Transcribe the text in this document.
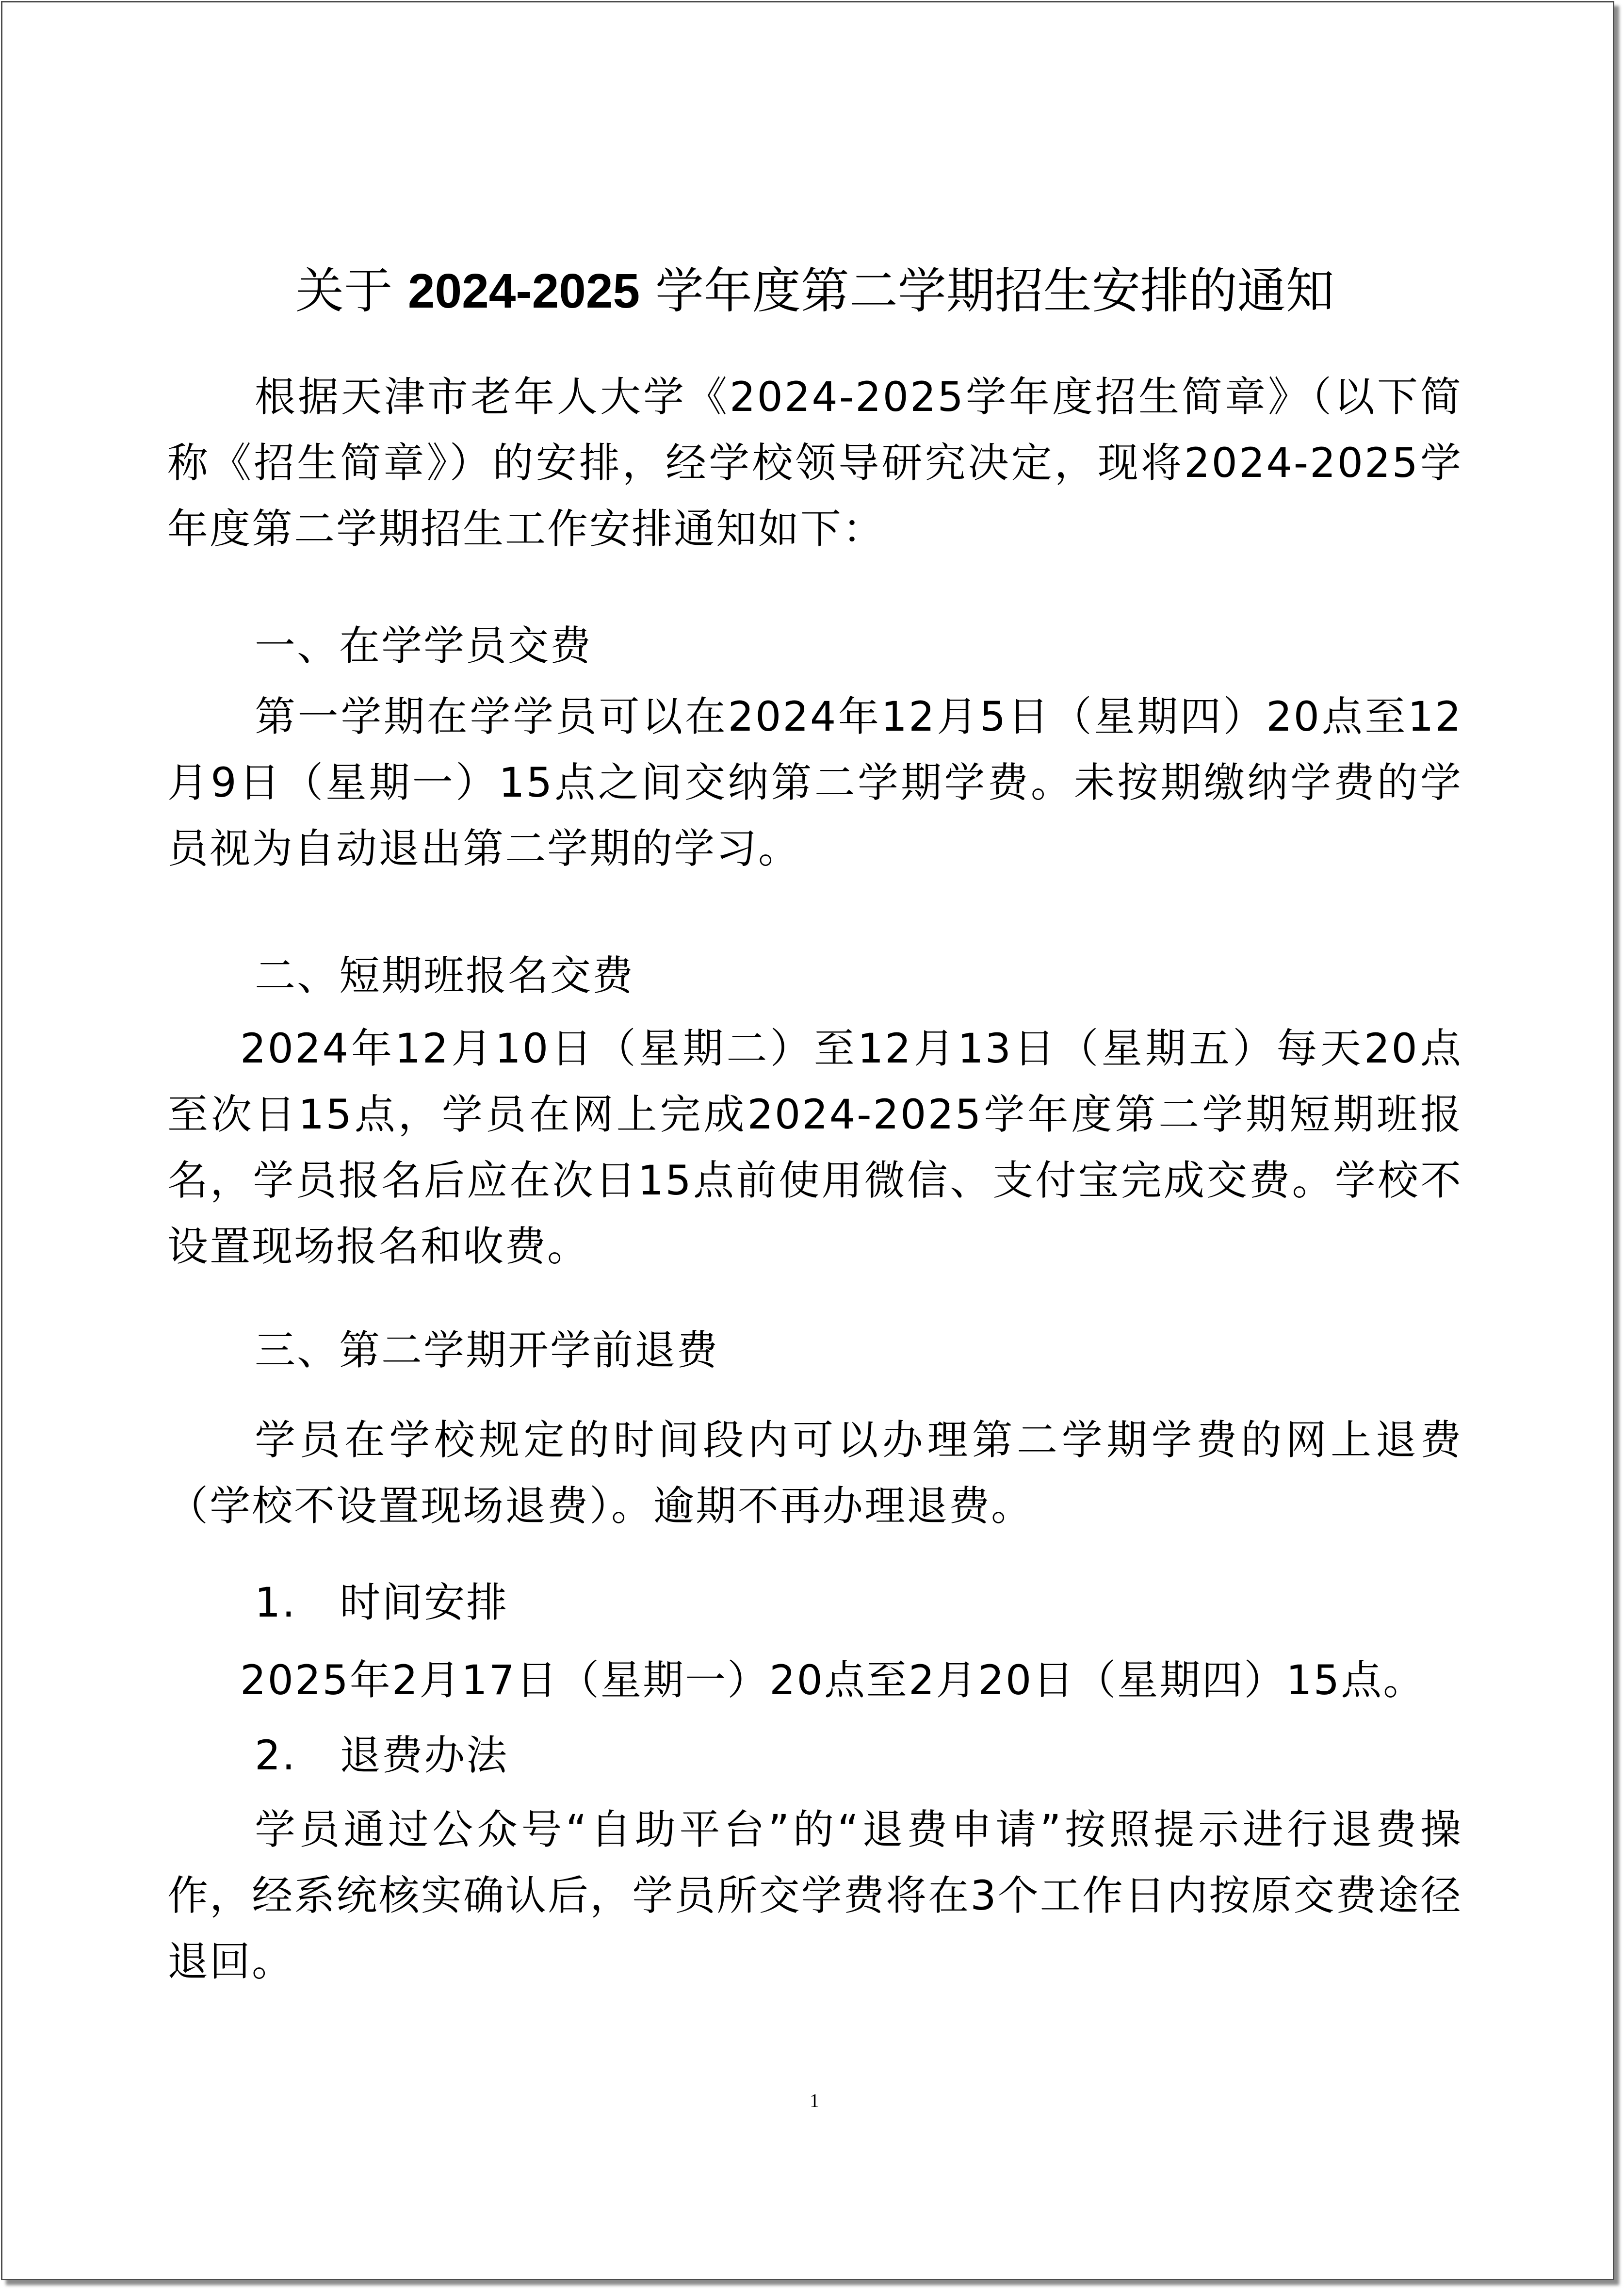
关于 2024-2025 学年度第二学期招生安排的通知

根据天津市老年人大学《2024-2025学年度招生简章》（以下简称《招生简章》）的安排，经学校领导研究决定，现将2024-2025学年度第二学期招生工作安排通知如下：

一、在学学员交费

第一学期在学学员可以在2024年12月5日（星期四）20点至12月9日（星期一）15点之间交纳第二学期学费。未按期缴纳学费的学员视为自动退出第二学期的学习。

二、短期班报名交费

2024年12月10日（星期二）至12月13日（星期五）每天20点至次日15点，学员在网上完成2024-2025学年度第二学期短期班报名，学员报名后应在次日15点前使用微信、支付宝完成交费。学校不设置现场报名和收费。

三、第二学期开学前退费

学员在学校规定的时间段内可以办理第二学期学费的网上退费（学校不设置现场退费）。逾期不再办理退费。

1.   时间安排

2025年2月17日（星期一）20点至2月20日（星期四）15点。

2.   退费办法

学员通过公众号“自助平台”的“退费申请”按照提示进行退费操作，经系统核实确认后，学员所交学费将在3个工作日内按原交费途径退回。

1
